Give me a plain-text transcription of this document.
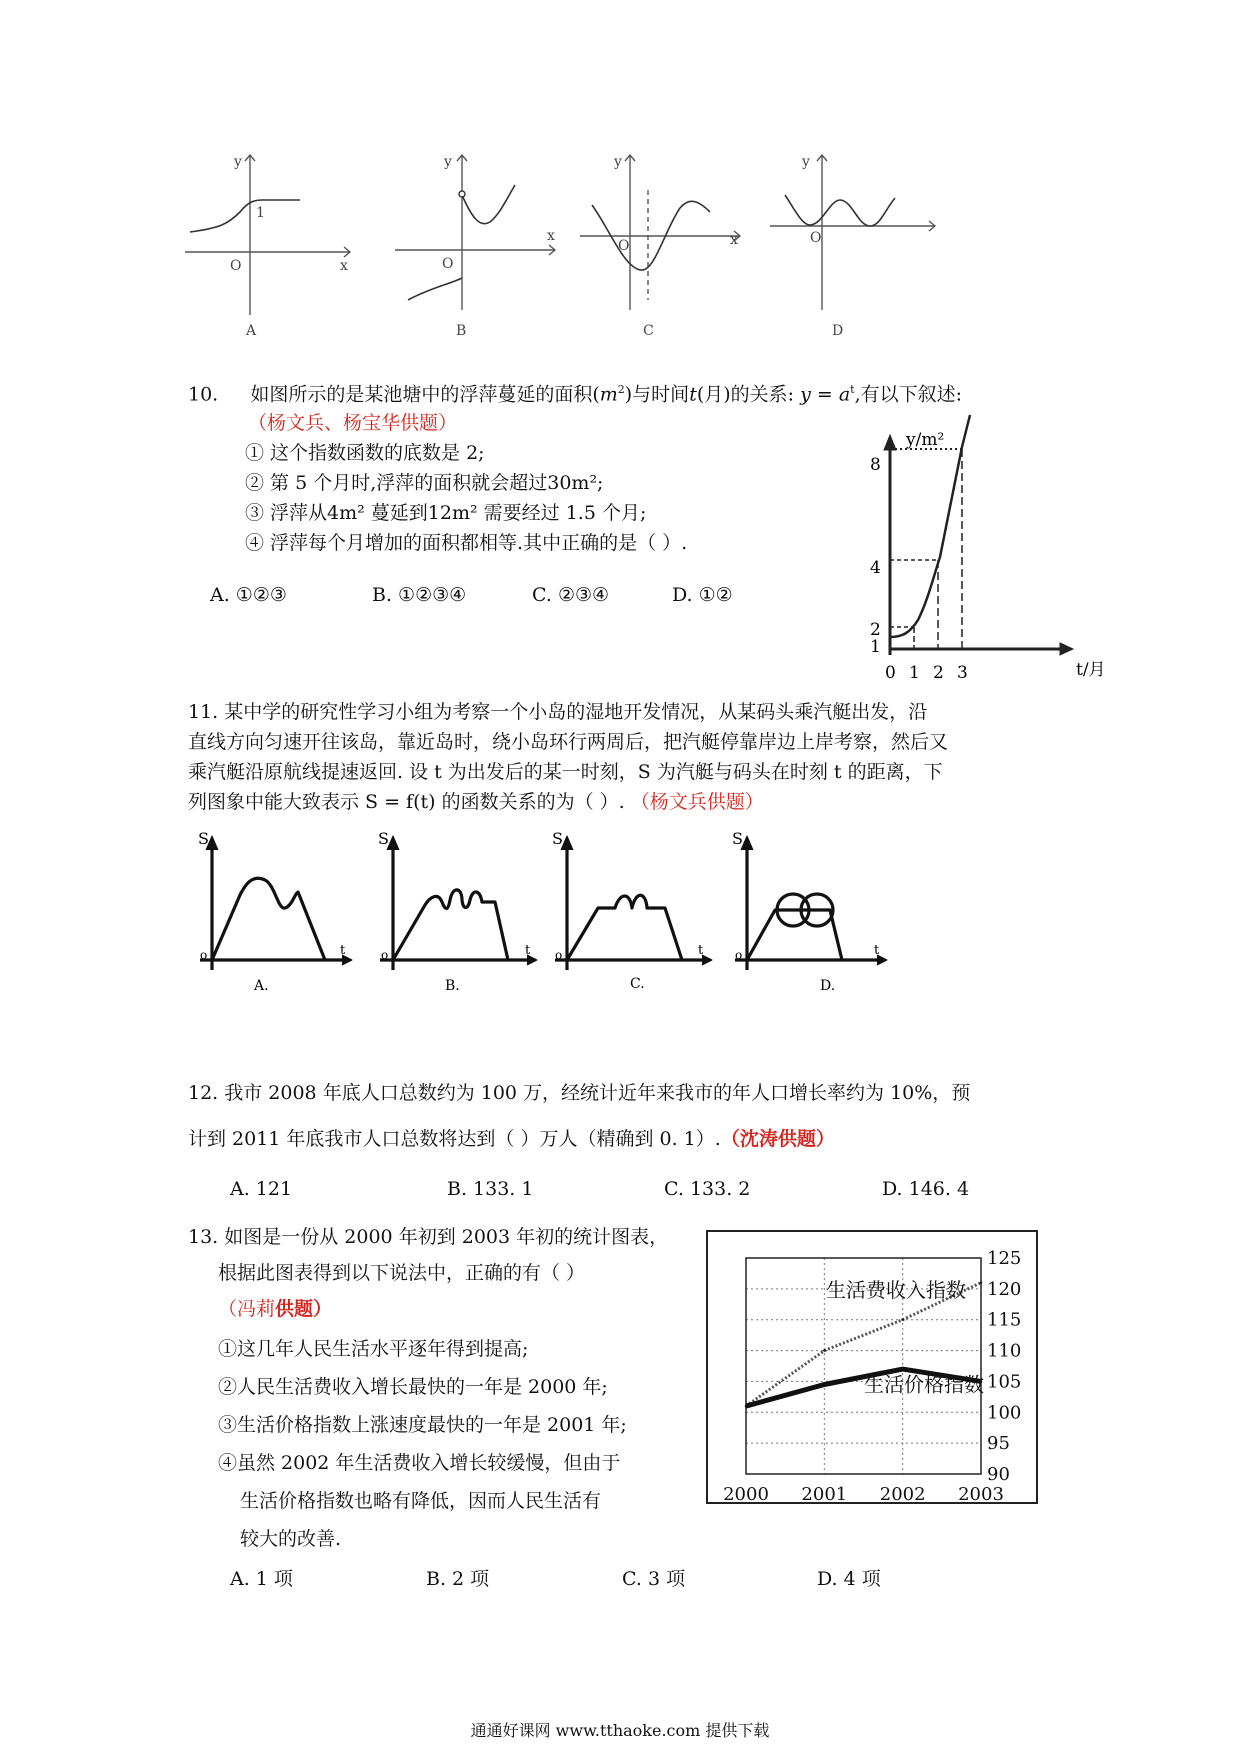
y
x
O
1
A
y
x
O
B
y
x
O
C
y
O
D
10. 如图所示的是某池塘中的浮萍蔓延的面积$(m^2)$与时间t(月)的关系: $y = a^t$,有以下叙述:
（杨文兵、杨宝华供题）
① 这个指数函数的底数是 2;
② 第 5 个月时,浮萍的面积就会超过30m²;
③ 浮萍从4m² 蔓延到12m² 需要经过 1.5 个月;
④ 浮萍每个月增加的面积都相等.其中正确的是（ ）.
A. ①②③	B. ①②③④	C. ②③④	D. ①②
y/m²
8
4
2
1
0 1 2 3	t/月
11. 某中学的研究性学习小组为考察一个小岛的湿地开发情况，从某码头乘汽艇出发，沿
直线方向匀速开往该岛，靠近岛时，绕小岛环行两周后，把汽艇停靠岸边上岸考察，然后又
乘汽艇沿原航线提速返回. 设 t 为出发后的某一时刻，S 为汽艇与码头在时刻 t 的距离，下
列图象中能大致表示 S = f(t) 的函数关系的为（ ）. （杨文兵供题）
S
o	t
A.
S
o	t
B.
S
o	t
C.
S
o	t
D.
12. 我市 2008 年底人口总数约为 100 万，经统计近年来我市的年人口增长率约为 10%，预
计到 2011 年底我市人口总数将达到（ ）万人（精确到 0. 1）.（沈涛供题）
A. 121	B. 133. 1	C. 133. 2	D. 146. 4
13. 如图是一份从 2000 年初到 2003 年初的统计图表，
根据此图表得到以下说法中，正确的有（ ）
（冯莉供题）
①这几年人民生活水平逐年得到提高;
②人民生活费收入增长最快的一年是 2000 年;
③生活价格指数上涨速度最快的一年是 2001 年;
④虽然 2002 年生活费收入增长较缓慢，但由于
生活价格指数也略有降低，因而人民生活有
较大的改善.
A. 1 项	B. 2 项	C. 3 项	D. 4 项
125
120
115
110
105
100
95
90
2000 2001 2002 2003
生活费收入指数
生活价格指数
通通好课网 www.tthaoke.com 提供下载
